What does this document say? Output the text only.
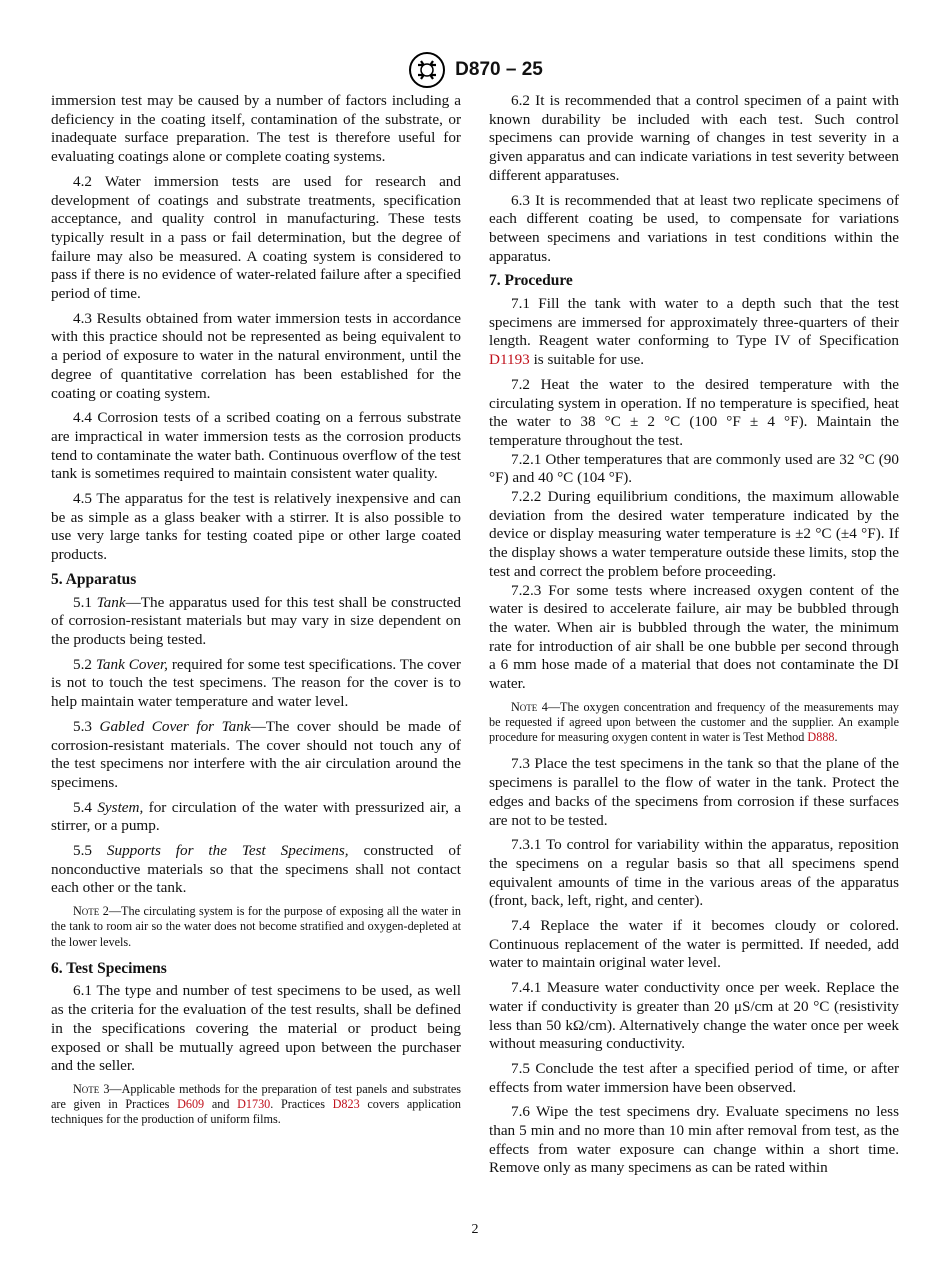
D870 – 25

immersion test may be caused by a number of factors including a deficiency in the coating itself, contamination of the substrate, or inadequate surface preparation. The test is therefore useful for evaluating coatings alone or complete coating systems.

4.2 Water immersion tests are used for research and development of coatings and substrate treatments, specification acceptance, and quality control in manufacturing. These tests typically result in a pass or fail determination, but the degree of failure may also be measured. A coating system is considered to pass if there is no evidence of water-related failure after a specified period of time.

4.3 Results obtained from water immersion tests in accordance with this practice should not be represented as being equivalent to a period of exposure to water in the natural environment, until the degree of quantitative correlation has been established for the coating or coating system.

4.4 Corrosion tests of a scribed coating on a ferrous substrate are impractical in water immersion tests as the corrosion products tend to contaminate the water bath. Continuous overflow of the test tank is sometimes required to maintain consistent water quality.

4.5 The apparatus for the test is relatively inexpensive and can be as simple as a glass beaker with a stirrer. It is also possible to use very large tanks for testing coated pipe or other large coated products.

5. Apparatus

5.1 Tank—The apparatus used for this test shall be constructed of corrosion-resistant materials but may vary in size dependent on the products being tested.

5.2 Tank Cover, required for some test specifications. The cover is not to touch the test specimens. The reason for the cover is to help maintain water temperature and water level.

5.3 Gabled Cover for Tank—The cover should be made of corrosion-resistant materials. The cover should not touch any of the test specimens nor interfere with the air circulation around the specimens.

5.4 System, for circulation of the water with pressurized air, a stirrer, or a pump.

5.5 Supports for the Test Specimens, constructed of nonconductive materials so that the specimens shall not contact each other or the tank.

Note 2—The circulating system is for the purpose of exposing all the water in the tank to room air so the water does not become stratified and oxygen-depleted at the lower levels.
6. Test Specimens

6.1 The type and number of test specimens to be used, as well as the criteria for the evaluation of the test results, shall be defined in the specifications covering the material or product being exposed or shall be mutually agreed upon between the purchaser and the seller.

Note 3—Applicable methods for the preparation of test panels and substrates are given in Practices D609 and D1730. Practices D823 covers application techniques for the production of uniform films.

6.2 It is recommended that a control specimen of a paint with known durability be included with each test. Such control specimens can provide warning of changes in test severity in a given apparatus and can indicate variations in test severity between different apparatuses.

6.3 It is recommended that at least two replicate specimens of each different coating be used, to compensate for variations between specimens and variations in test conditions within the apparatus.

7. Procedure

7.1 Fill the tank with water to a depth such that the test specimens are immersed for approximately three-quarters of their length. Reagent water conforming to Type IV of Specification D1193 is suitable for use.

7.2 Heat the water to the desired temperature with the circulating system in operation. If no temperature is specified, heat the water to 38 °C ± 2 °C (100 °F ± 4 °F). Maintain the temperature throughout the test.

7.2.1 Other temperatures that are commonly used are 32 °C (90 °F) and 40 °C (104 °F).

7.2.2 During equilibrium conditions, the maximum allowable deviation from the desired water temperature indicated by the device or display measuring water temperature is ±2 °C (±4 °F). If the display shows a water temperature outside these limits, stop the test and correct the problem before proceeding.

7.2.3 For some tests where increased oxygen content of the water is desired to accelerate failure, air may be bubbled through the water. When air is bubbled through the water, the minimum rate for introduction of air shall be one bubble per second through a 6 mm hose made of a material that does not contaminate the DI water.

Note 4—The oxygen concentration and frequency of the measurements may be requested if agreed upon between the customer and the supplier. An example procedure for measuring oxygen content in water is Test Method D888.

7.3 Place the test specimens in the tank so that the plane of the specimens is parallel to the flow of water in the tank. Protect the edges and backs of the specimens from corrosion if these surfaces are not to be tested.

7.3.1 To control for variability within the apparatus, reposition the specimens on a regular basis so that all specimens spend equivalent amounts of time in the various areas of the apparatus (front, back, left, right, and center).

7.4 Replace the water if it becomes cloudy or colored. Continuous replacement of the water is permitted. If needed, add water to maintain original water level.

7.4.1 Measure water conductivity once per week. Replace the water if conductivity is greater than 20 μS/cm at 20 °C (resistivity less than 50 kΩ/cm). Alternatively change the water once per week without measuring conductivity.

7.5 Conclude the test after a specified period of time, or after effects from water immersion have been observed.

7.6 Wipe the test specimens dry. Evaluate specimens no less than 5 min and no more than 10 min after removal from test, as the effects from water exposure can change within a short time. Remove only as many specimens as can be rated within

2
